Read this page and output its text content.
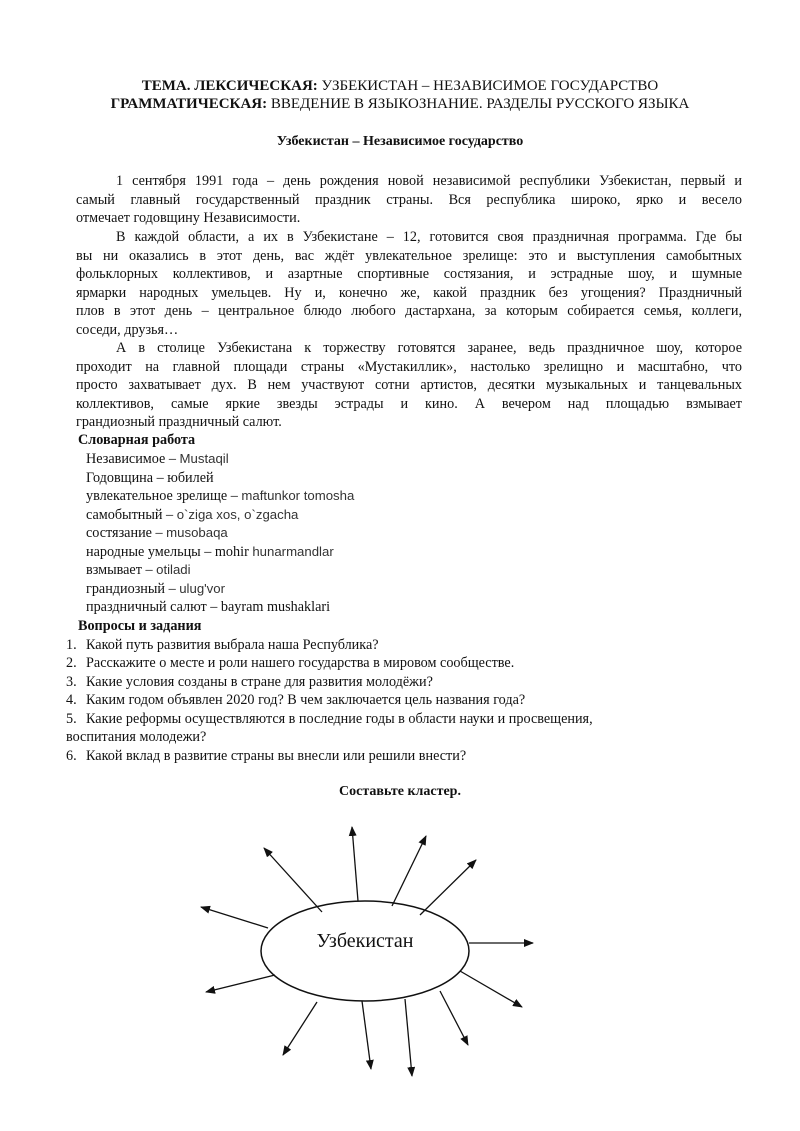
ТЕМА. ЛЕКСИЧЕСКАЯ: УЗБЕКИСТАН – НЕЗАВИСИМОЕ ГОСУДАРСТВО
ГРАММАТИЧЕСКАЯ: ВВЕДЕНИЕ В ЯЗЫКОЗНАНИЕ. РАЗДЕЛЫ РУССКОГО ЯЗЫКА
Узбекистан – Независимое государство
1 сентября 1991 года – день рождения новой независимой республики Узбекистан, первый и
самый главный государственный праздник страны. Вся республика широко, ярко и весело
отмечает годовщину Независимости.
В каждой области, а их в Узбекистане – 12, готовится своя праздничная программа. Где бы
вы ни оказались в этот день, вас ждёт увлекательное зрелище: это и выступления самобытных
фольклорных коллективов, и азартные спортивные состязания, и эстрадные шоу, и шумные
ярмарки народных умельцев. Ну и, конечно же, какой праздник без угощения? Праздничный
плов в этот день – центральное блюдо любого дастархана, за которым собирается семья, коллеги,
соседи, друзья…
А в столице Узбекистана к торжеству готовятся заранее, ведь праздничное шоу, которое
проходит на главной площади страны «Мустакиллик», настолько зрелищно и масштабно, что
просто захватывает дух. В нем участвуют сотни артистов, десятки музыкальных и танцевальных
коллективов, самые яркие звезды эстрады и кино. А вечером над площадью взмывает
грандиозный праздничный салют.
Словарная работа
Независимое – Mustaqil
Годовщина – юбилей
увлекательное зрелище – maftunkor tomosha
самобытный – o`ziga xos, o`zgacha
состязание – musobaqa
народные умельцы – mohir hunarmandlar
взмывает – otiladi
грандиозный – ulug'vor
праздничный салют – bayram mushaklari
Вопросы и задания
1. Какой путь развития выбрала наша Республика?
2. Расскажите о месте и роли нашего государства в мировом сообществе.
3. Какие условия созданы в стране для развития молодёжи?
4. Каким годом объявлен 2020 год? В чем заключается цель названия года?
5. Какие реформы осуществляются в последние годы в области науки и просвещения,
воспитания молодежи?
6. Какой вклад в развитие страны вы внесли или решили внести?
Составьте кластер.
Узбекистан
